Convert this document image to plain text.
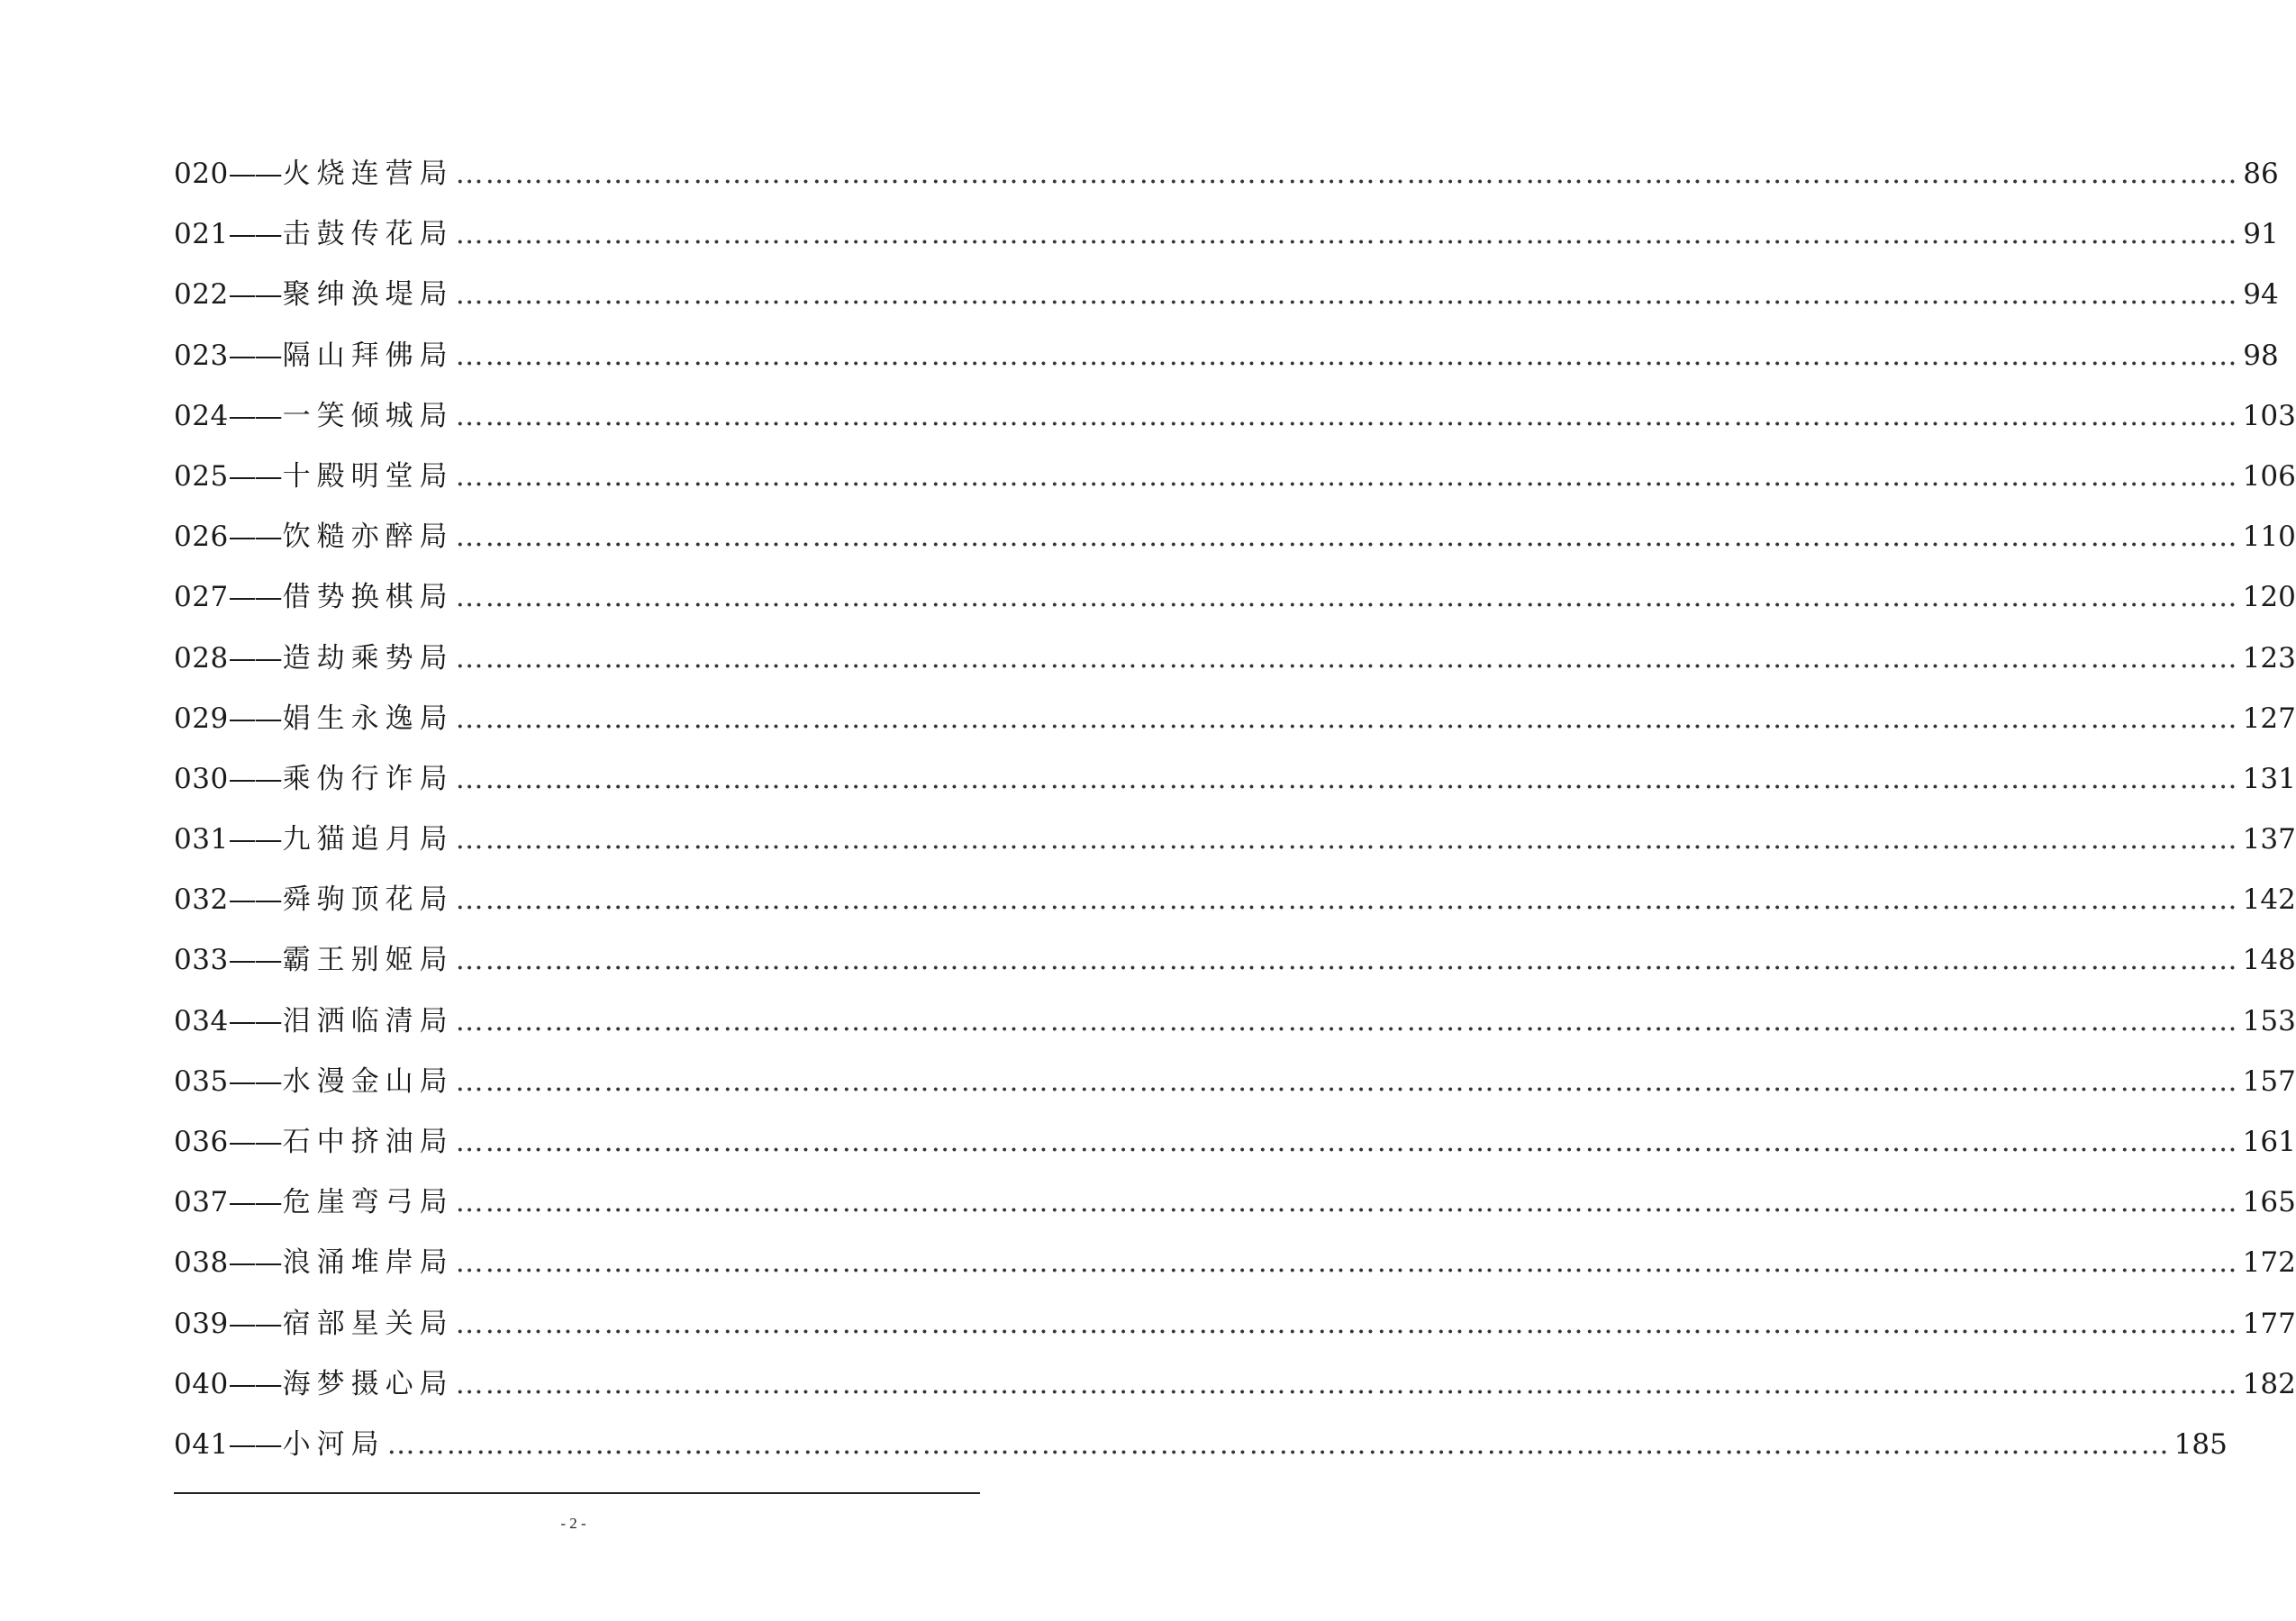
020 —— 火烧连营局 ……………………………………………………………………………………………………………………………………………………………… 86
021 —— 击鼓传花局 ……………………………………………………………………………………………………………………………………………………………… 91
022 —— 聚绅涣堤局 ……………………………………………………………………………………………………………………………………………………………… 94
023 —— 隔山拜佛局 ……………………………………………………………………………………………………………………………………………………………… 98
024 —— 一笑倾城局 ……………………………………………………………………………………………………………………………………………………………… 103
025 —— 十殿明堂局 ……………………………………………………………………………………………………………………………………………………………… 106
026 —— 饮糙亦醉局 ……………………………………………………………………………………………………………………………………………………………… 110
027 —— 借势换棋局 ……………………………………………………………………………………………………………………………………………………………… 120
028 —— 造劫乘势局 ……………………………………………………………………………………………………………………………………………………………… 123
029 —— 娟生永逸局 ……………………………………………………………………………………………………………………………………………………………… 127
030 —— 乘伪行诈局 ……………………………………………………………………………………………………………………………………………………………… 131
031 —— 九猫追月局 ……………………………………………………………………………………………………………………………………………………………… 137
032 —— 舜驹顶花局 ……………………………………………………………………………………………………………………………………………………………… 142
033 —— 霸王别姬局 ……………………………………………………………………………………………………………………………………………………………… 148
034 —— 泪洒临清局 ……………………………………………………………………………………………………………………………………………………………… 153
035 —— 水漫金山局 ……………………………………………………………………………………………………………………………………………………………… 157
036 —— 石中挤油局 ……………………………………………………………………………………………………………………………………………………………… 161
037 —— 危崖弯弓局 ……………………………………………………………………………………………………………………………………………………………… 165
038 —— 浪涌堆岸局 ……………………………………………………………………………………………………………………………………………………………… 172
039 —— 宿部星关局 ……………………………………………………………………………………………………………………………………………………………… 177
040 —— 海梦摄心局 ……………………………………………………………………………………………………………………………………………………………… 182
041 —— 小河局 ……………………………………………………………………………………………………………………………………………………………… 185
- 2 -
